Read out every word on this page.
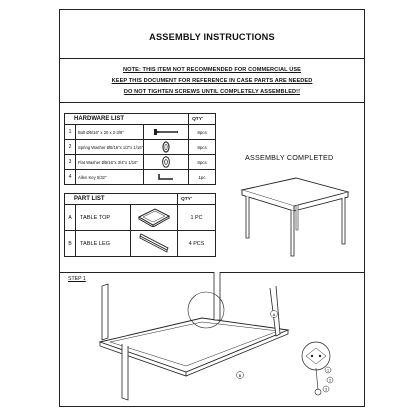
ASSEMBLY INSTRUCTIONS
NOTE: THIS ITEM NOT RECOMMENDED FOR COMMERCIAL USE
KEEP THIS DOCUMENT FOR REFERENCE IN CASE PARTS ARE NEEDED
DO NOT TIGHTEN SCREWS UNTIL COMPLETELY ASSEMBLED!!
HARDWARE LIST			QTY'
1	Bolt Ø5/16" x 20 x 2-3/8"		8pcs
2	Spring Washer Ø5/16"x 1/2"x 1/16"		8pcs
3	Flat Washer Ø5/16"x 3/4"x 1/16"		8pcs
4	Allen Key 5/32"		1pc
ASSEMBLY COMPLETED
PART LIST			QTY'
A	TABLE TOP		1 PC
B	TABLE LEG		4 PCS
STEP 1
A
B
1
2
3
